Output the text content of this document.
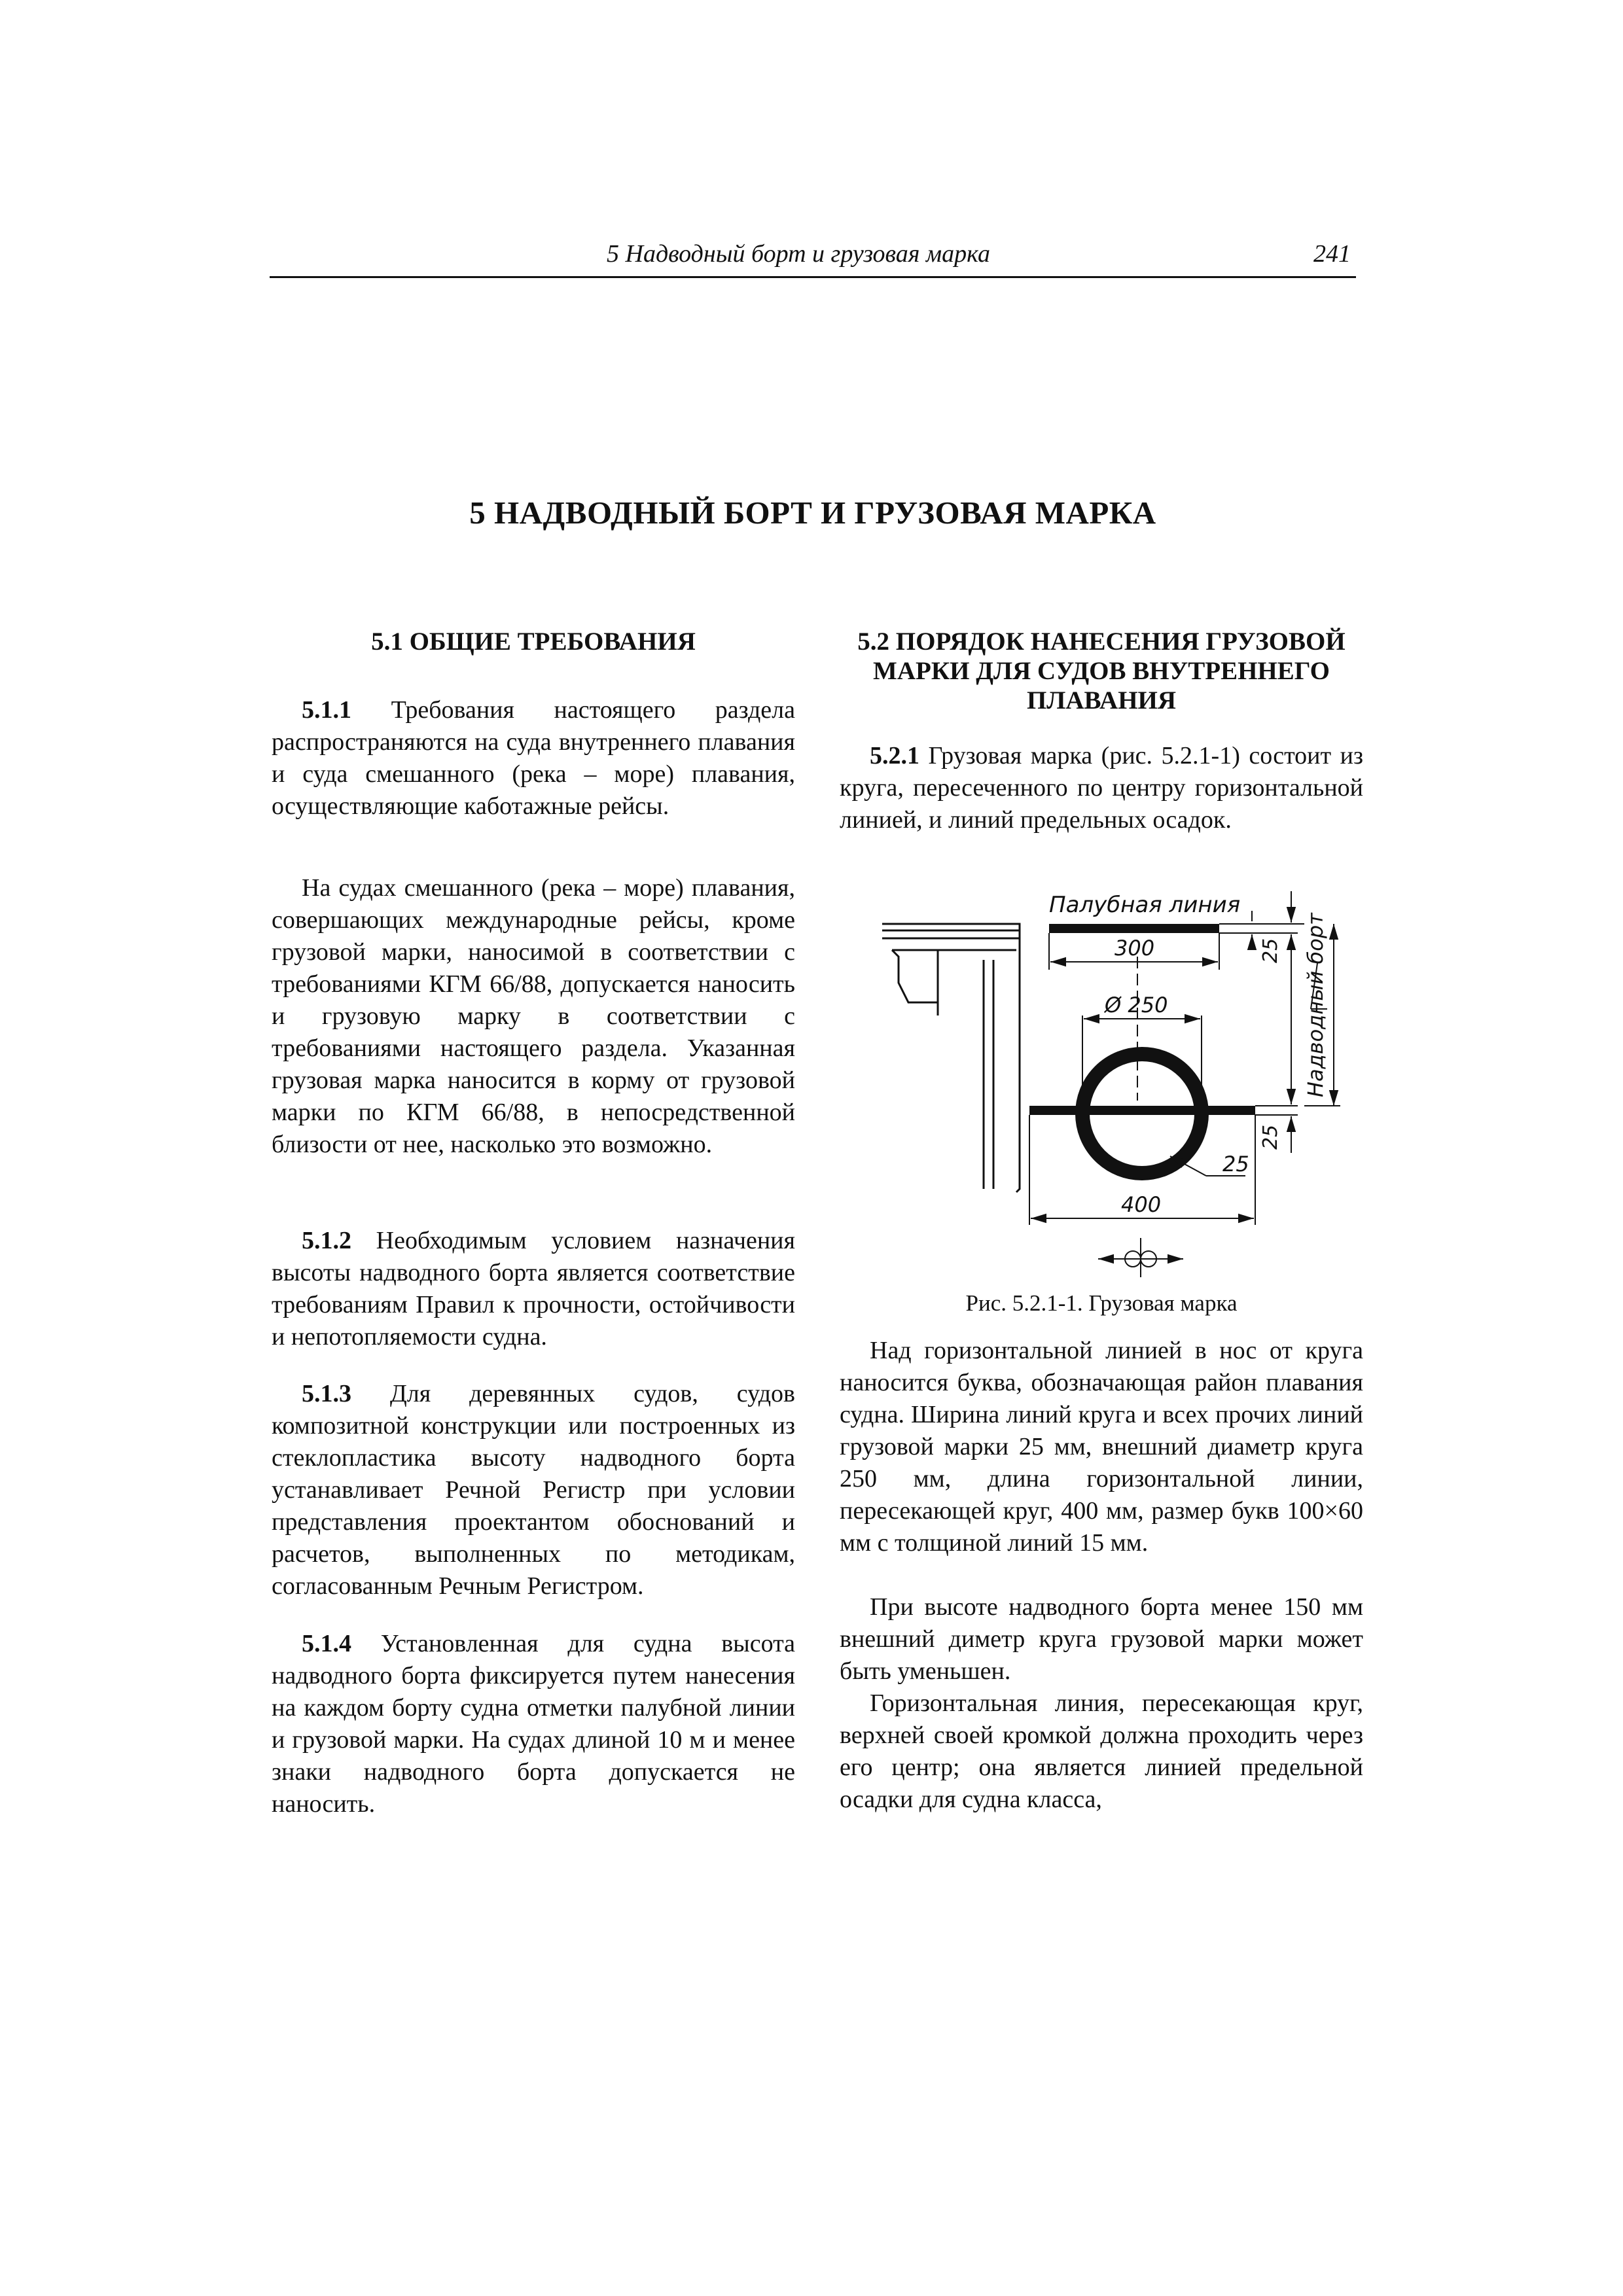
5 Надводный борт и грузовая марка	241
5 НАДВОДНЫЙ БОРТ И ГРУЗОВАЯ МАРКА
5.1 ОБЩИЕ ТРЕБОВАНИЯ

5.1.1 Требования настоящего раздела распространяются на суда внутреннего плавания и суда смешанного (река – море) плавания, осуществляющие каботажные рейсы.

На судах смешанного (река – море) плавания, совершающих международные рейсы, кроме грузовой марки, наносимой в соответствии с требованиями КГМ 66/88, допускается наносить и грузовую марку в соответствии с требованиями настоящего раздела. Указанная грузовая марка наносится в корму от грузовой марки по КГМ 66/88, в непосредственной близости от нее, насколько это возможно.

5.1.2 Необходимым условием назначения высоты надводного борта является соответствие требованиям Правил к прочности, остойчивости и непотопляемости судна.

5.1.3 Для деревянных судов, судов композитной конструкции или построенных из стеклопластика высоту надводного борта устанавливает Речной Регистр при условии представления проектантом обоснований и расчетов, выполненных по методикам, согласованным Речным Регистром.

5.1.4 Установленная для судна высота надводного борта фиксируется путем нанесения на каждом борту судна отметки палубной линии и грузовой марки. На судах длиной 10 м и менее знаки надводного борта допускается не наносить.

5.2 ПОРЯДОК НАНЕСЕНИЯ ГРУЗОВОЙ МАРКИ ДЛЯ СУДОВ ВНУТРЕННЕГО ПЛАВАНИЯ

5.2.1 Грузовая марка (рис. 5.2.1-1) состоит из круга, пересеченного по центру горизонтальной линией, и линий предельных осадок.

Палубная линия
300
Ø 250
400
25
25
25
Надводный борт
Рис. 5.2.1-1. Грузовая марка

Над горизонтальной линией в нос от круга наносится буква, обозначающая район плавания судна. Ширина линий круга и всех прочих линий грузовой марки 25 мм, внешний диаметр круга 250 мм, длина горизонтальной линии, пересекающей круг, 400 мм, размер букв 100×60 мм с толщиной линий 15 мм.

При высоте надводного борта менее 150 мм внешний диметр круга грузовой марки может быть уменьшен.

Горизонтальная линия, пересекающая круг, верхней своей кромкой должна проходить через его центр; она является линией предельной осадки для судна класса,
